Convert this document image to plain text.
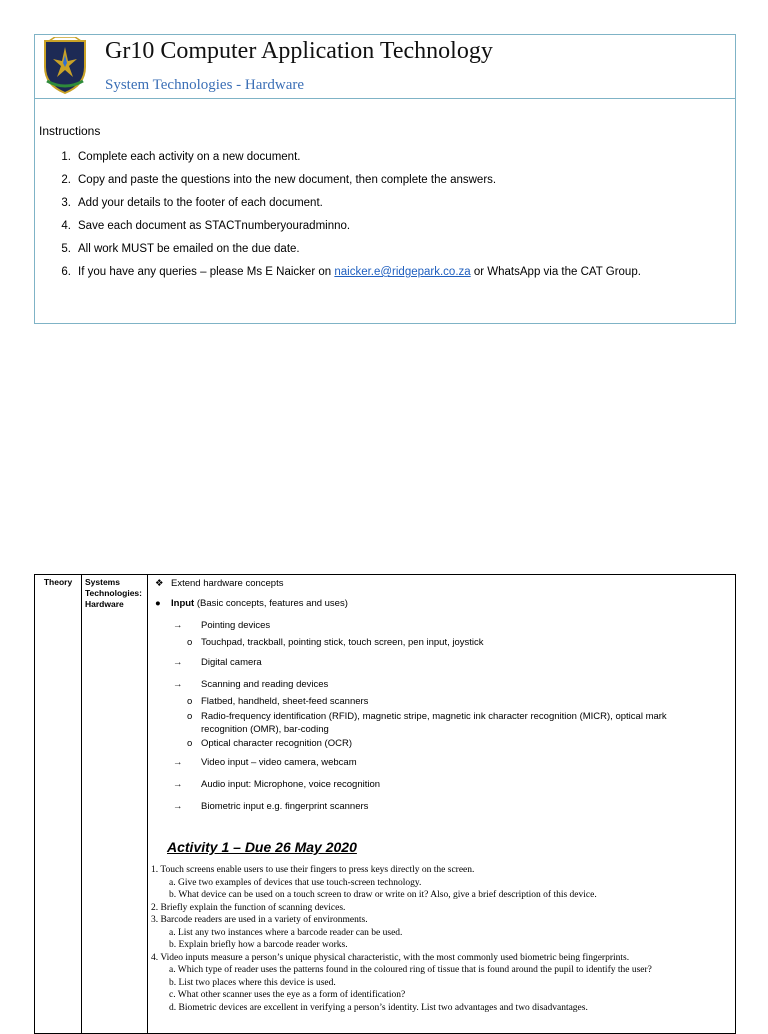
Gr10 Computer Application Technology
System Technologies - Hardware
Instructions
1. Complete each activity on a new document.
2. Copy and paste the questions into the new document, then complete the answers.
3. Add your details to the footer of each document.
4. Save each document as STACTnumberyouradminno.
5. All work MUST be emailed on the due date.
6. If you have any queries – please Ms E Naicker on naicker.e@ridgepark.co.za or WhatsApp via the CAT Group.
Theory	Systems Technologies: Hardware
❖ Extend hardware concepts
● Input (Basic concepts, features and uses)
→ Pointing devices
o Touchpad, trackball, pointing stick, touch screen, pen input, joystick
→ Digital camera
→ Scanning and reading devices
o Flatbed, handheld, sheet-feed scanners
o Radio-frequency identification (RFID), magnetic stripe, magnetic ink character recognition (MICR), optical mark
recognition (OMR), bar-coding
o Optical character recognition (OCR)
→ Video input – video camera, webcam
→ Audio input: Microphone, voice recognition
→ Biometric input e.g. fingerprint scanners
Activity 1 – Due 26 May 2020
1. Touch screens enable users to use their fingers to press keys directly on the screen.
a. Give two examples of devices that use touch-screen technology.
b. What device can be used on a touch screen to draw or write on it? Also, give a brief description of this device.
2. Briefly explain the function of scanning devices.
3. Barcode readers are used in a variety of environments.
a. List any two instances where a barcode reader can be used.
b. Explain briefly how a barcode reader works.
4. Video inputs measure a person’s unique physical characteristic, with the most commonly used biometric being fingerprints.
a. Which type of reader uses the patterns found in the coloured ring of tissue that is found around the pupil to identify the user?
b. List two places where this device is used.
c. What other scanner uses the eye as a form of identification?
d. Biometric devices are excellent in verifying a person’s identity. List two advantages and two disadvantages.
